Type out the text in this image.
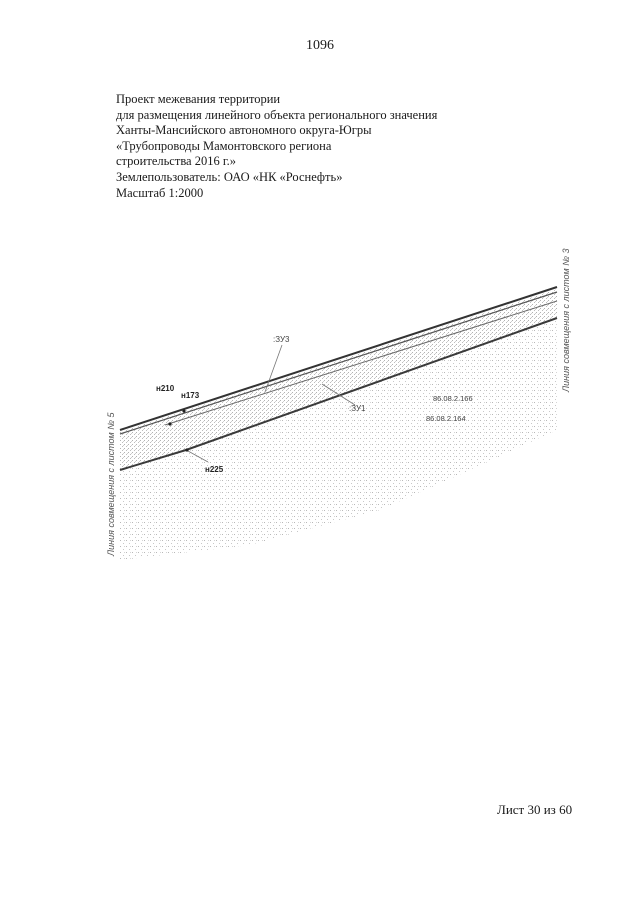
1096
Проект межевания территории
для размещения линейного объекта регионального значения
Ханты-Мансийского автономного округа-Югры
«Трубопроводы Мамонтовского региона
строительства 2016 г.»
Землепользователь: ОАО «НК «Роснефть»
Масштаб 1:2000
:ЗУ3
:ЗУ1
н210
н173
н225
86.08.2.166
86.08.2.164
Линия совмещения с листом № 5
Линия совмещения с листом № 3
Лист 30 из 60
